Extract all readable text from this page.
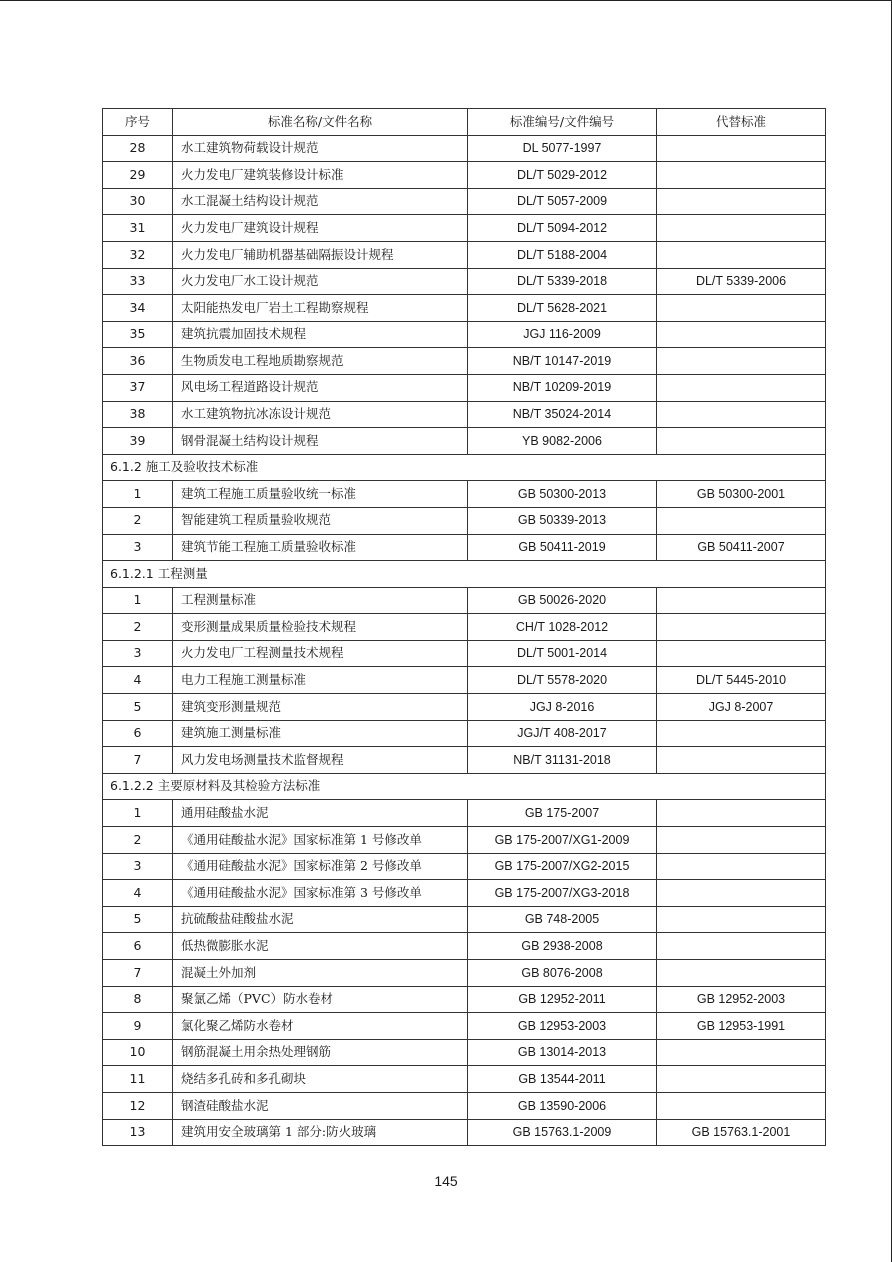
序号	标准名称/文件名称	标准编号/文件编号	代替标准
28	水工建筑物荷载设计规范	DL 5077-1997	
29	火力发电厂建筑装修设计标准	DL/T 5029-2012	
30	水工混凝土结构设计规范	DL/T 5057-2009	
31	火力发电厂建筑设计规程	DL/T 5094-2012	
32	火力发电厂辅助机器基础隔振设计规程	DL/T 5188-2004	
33	火力发电厂水工设计规范	DL/T 5339-2018	DL/T 5339-2006
34	太阳能热发电厂岩土工程勘察规程	DL/T 5628-2021	
35	建筑抗震加固技术规程	JGJ 116-2009	
36	生物质发电工程地质勘察规范	NB/T 10147-2019	
37	风电场工程道路设计规范	NB/T 10209-2019	
38	水工建筑物抗冰冻设计规范	NB/T 35024-2014	
39	钢骨混凝土结构设计规程	YB 9082-2006	
6.1.2 施工及验收技术标准			
1	建筑工程施工质量验收统一标准	GB 50300-2013	GB 50300-2001
2	智能建筑工程质量验收规范	GB 50339-2013	
3	建筑节能工程施工质量验收标准	GB 50411-2019	GB 50411-2007
6.1.2.1 工程测量			
1	工程测量标准	GB 50026-2020	
2	变形测量成果质量检验技术规程	CH/T 1028-2012	
3	火力发电厂工程测量技术规程	DL/T 5001-2014	
4	电力工程施工测量标准	DL/T 5578-2020	DL/T 5445-2010
5	建筑变形测量规范	JGJ 8-2016	JGJ 8-2007
6	建筑施工测量标准	JGJ/T 408-2017	
7	风力发电场测量技术监督规程	NB/T 31131-2018	
6.1.2.2 主要原材料及其检验方法标准			
1	通用硅酸盐水泥	GB 175-2007	
2	《通用硅酸盐水泥》国家标准第 1 号修改单	GB 175-2007/XG1-2009	
3	《通用硅酸盐水泥》国家标准第 2 号修改单	GB 175-2007/XG2-2015	
4	《通用硅酸盐水泥》国家标准第 3 号修改单	GB 175-2007/XG3-2018	
5	抗硫酸盐硅酸盐水泥	GB 748-2005	
6	低热微膨胀水泥	GB 2938-2008	
7	混凝土外加剂	GB 8076-2008	
8	聚氯乙烯（PVC）防水卷材	GB 12952-2011	GB 12952-2003
9	氯化聚乙烯防水卷材	GB 12953-2003	GB 12953-1991
10	钢筋混凝土用余热处理钢筋	GB 13014-2013	
11	烧结多孔砖和多孔砌块	GB 13544-2011	
12	钢渣硅酸盐水泥	GB 13590-2006	
13	建筑用安全玻璃第 1 部分:防火玻璃	GB 15763.1-2009	GB 15763.1-2001
145
